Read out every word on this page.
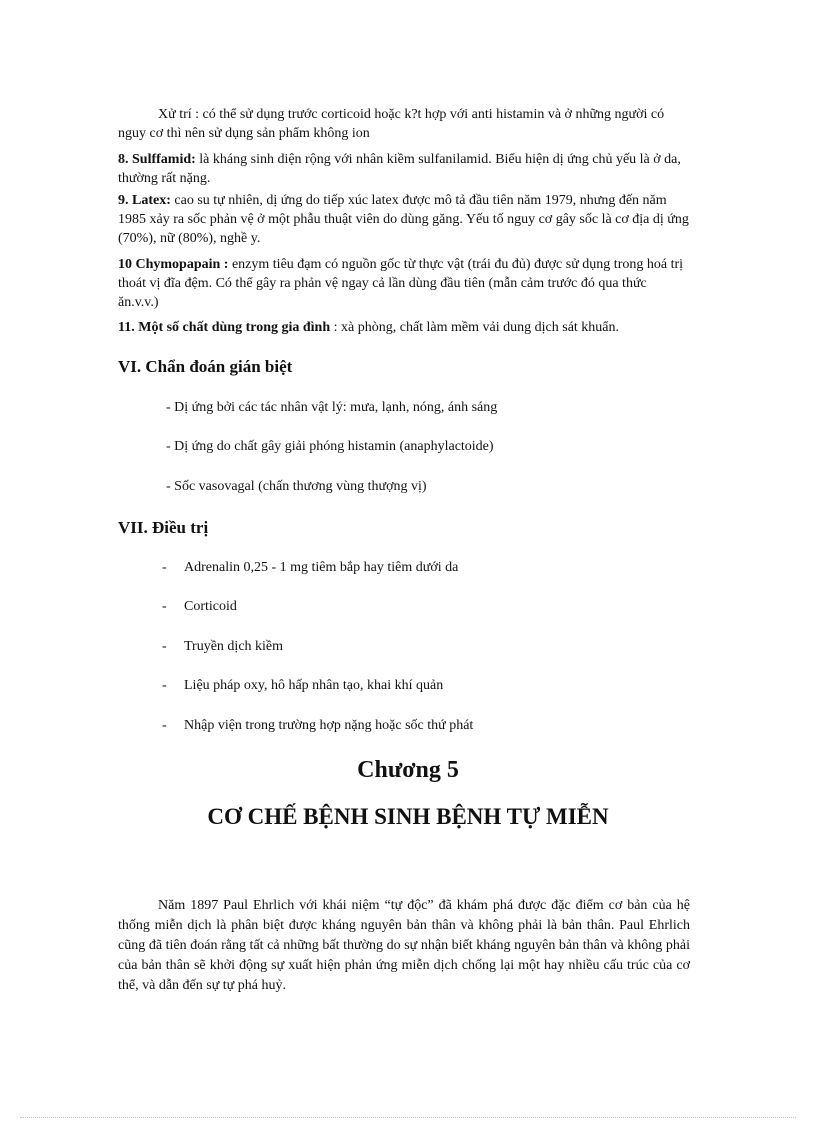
Xử trí : có thể sử dụng trước corticoid hoặc k?t hợp với anti histamin và ở những người có nguy cơ thì nên sử dụng sản phẩm không ion

8. Sulffamid: là kháng sinh diện rộng với nhân kiềm sulfanilamid. Biểu hiện dị ứng chủ yếu là ở da, thường rất nặng.

9. Latex: cao su tự nhiên, dị ứng do tiếp xúc latex được mô tả đầu tiên năm 1979, nhưng đến năm 1985 xảy ra sốc phản vệ ở một phẫu thuật viên do dùng găng. Yếu tố nguy cơ gây sốc là cơ địa dị ứng (70%), nữ (80%), nghề y.

10 Chymopapain : enzym tiêu đạm có nguồn gốc từ thực vật (trái đu đủ) được sử dụng trong hoá trị thoát vị đĩa đệm. Có thể gây ra phản vệ ngay cả lần dùng đầu tiên (mẫn cảm trước đó qua thức ăn.v.v.)

11. Một số chất dùng trong gia đình : xà phòng, chất làm mềm vải dung dịch sát khuẩn.

VI. Chẩn đoán gián biệt

- Dị ứng bởi các tác nhân vật lý: mưa, lạnh, nóng, ánh sáng

- Dị ứng do chất gây giải phóng histamin (anaphylactoide)

- Sốc vasovagal (chấn thương vùng thượng vị)

VII. Điều trị

- Adrenalin 0,25 - 1 mg tiêm bắp hay tiêm dưới da

- Corticoid

- Truyền dịch kiềm

- Liệu pháp oxy, hô hấp nhân tạo, khai khí quản

- Nhập viện trong trường hợp nặng hoặc sốc thứ phát

Chương 5
CƠ CHẾ BỆNH SINH BỆNH TỰ MIỄN

Năm 1897 Paul Ehrlich với khái niệm “tự độc” đã khám phá được đặc điểm cơ bản của hệ thống miễn dịch là phân biệt được kháng nguyên bản thân và không phải là bản thân. Paul Ehrlich cũng đã tiên đoán rằng tất cả những bất thường do sự nhận biết kháng nguyên bản thân và không phải của bản thân sẽ khởi động sự xuất hiện phản ứng miễn dịch chống lại một hay nhiều cấu trúc của cơ thể, và dẫn đến sự tự phá huỷ.
